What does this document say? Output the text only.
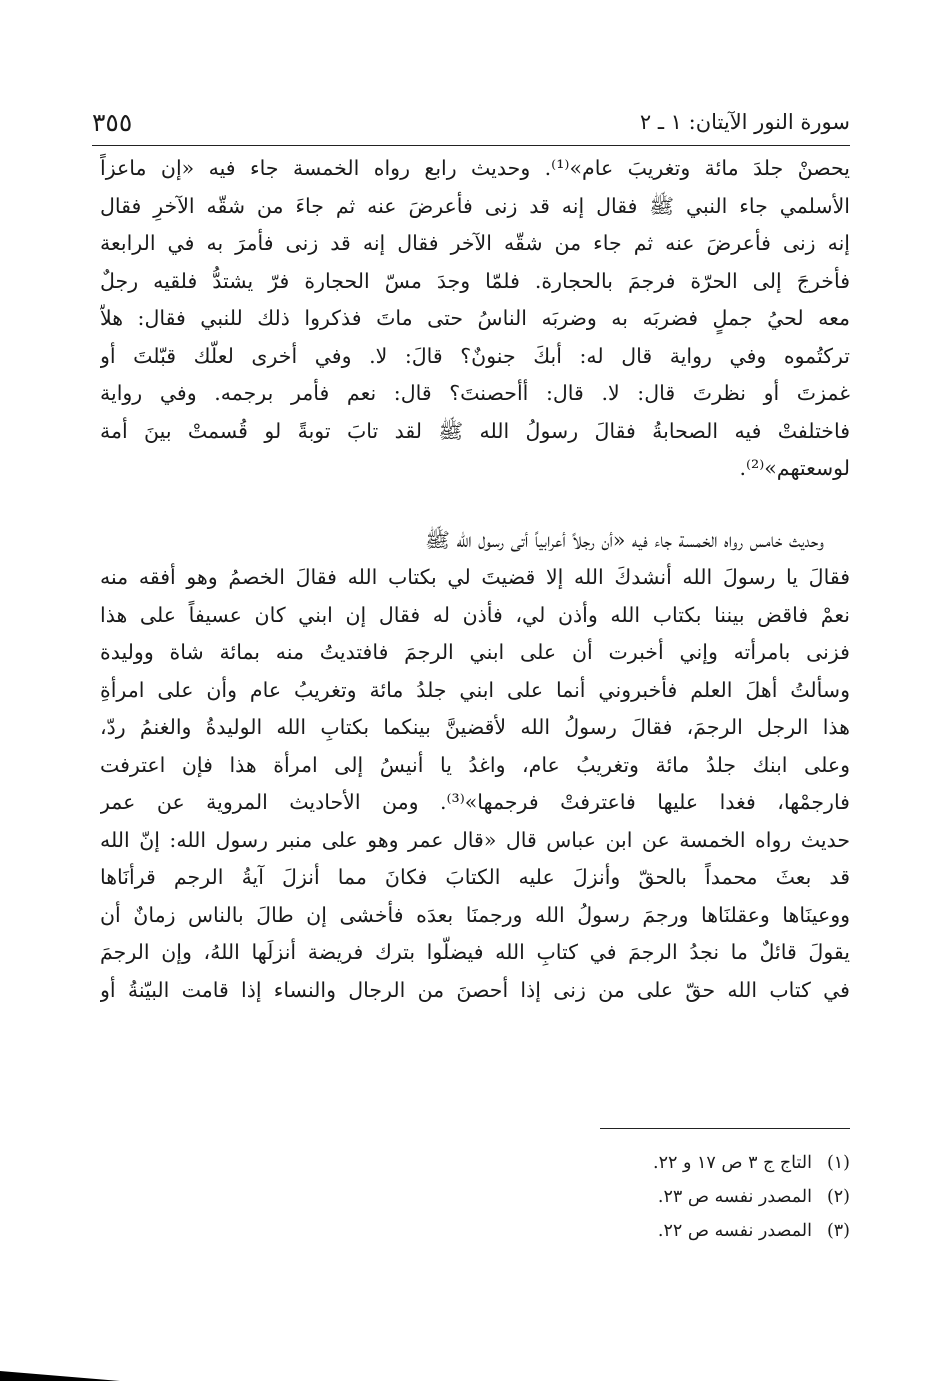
سورة النور الآيتان: ١ ـ ٢
٣٥٥

يحصنْ جلدَ مائة وتغريبَ عام»⁽¹⁾. وحديث رابع رواه الخمسة جاء فيه «إن ماعزاً

الأسلمي جاء النبي ﷺ فقال إنه قد زنى فأعرضَ عنه ثم جاءَ من شقّه الآخرِ فقال

إنه زنى فأعرضَ عنه ثم جاء من شقّه الآخر فقال إنه قد زنى فأمرَ به في الرابعة

فأخرجَ إلى الحرّة فرجمَ بالحجارة. فلمّا وجدَ مسّ الحجارة فرّ يشتدُّ فلقيه رجلٌ

معه لحيُ جملٍ فضربَه به وضربَه الناسُ حتى ماتَ فذكروا ذلك للنبي فقال: هلاّ

تركتُموه وفي رواية قال له: أبكَ جنونٌ؟ قالَ: لا. وفي أخرى لعلّك قبّلتَ أو

غمزتَ أو نظرتَ قال: لا. قال: أأحصنتَ؟ قال: نعم فأمر برجمه. وفي رواية

فاختلفتْ فيه الصحابةُ فقالَ رسولُ الله ﷺ لقد تابَ توبةً لو قُسمتْ بينَ أمة

لوسعتهم»⁽²⁾.

وحديث خامس رواه الخمسة جاء فيه «أن رجلاً أعرابياً أتى رسول الله ﷺ

فقالَ يا رسولَ الله أنشدكَ الله إلا قضيتَ لي بكتاب الله فقالَ الخصمُ وهو أفقه منه

نعمْ فاقض بيننا بكتاب الله وأذن لي، فأذن له فقال إن ابني كان عسيفاً على هذا

فزنى بامرأته وإني أخبرت أن على ابني الرجمَ فافتديتُ منه بمائة شاة ووليدة

وسألتُ أهلَ العلم فأخبروني أنما على ابني جلدُ مائة وتغريبُ عام وأن على امرأةِ

هذا الرجل الرجمَ، فقالَ رسولُ الله لأقضينَّ بينكما بكتابِ الله الوليدةُ والغنمُ ردّ،

وعلى ابنك جلدُ مائة وتغريبُ عام، واغدُ يا أنيسُ إلى امرأة هذا فإن اعترفت

فارجمْها، فغدا عليها فاعترفتْ فرجمها»⁽³⁾. ومن الأحاديث المروية عن عمر

حديث رواه الخمسة عن ابن عباس قال «قال عمر وهو على منبر رسول الله: إنّ الله

قد بعثَ محمداً بالحقّ وأنزلَ عليه الكتابَ فكانَ مما أنزلَ آيةُ الرجم قرأنَاها

ووعينَاها وعقلنَاها ورجمَ رسولُ الله ورجمنَا بعدَه فأخشى إن طالَ بالناس زمانٌ أن

يقولَ قائلٌ ما نجدُ الرجمَ في كتابِ الله فيضلّوا بترك فريضة أنزلَها اللهُ، وإن الرجمَ

في كتاب الله حقّ على من زنى إذا أحصنَ من الرجال والنساء إذا قامت البيّنةُ أو

(١)
التاج ج ٣ ص ١٧ و ٢٢.
(٢)
المصدر نفسه ص ٢٣.
(٣)
المصدر نفسه ص ٢٢.
